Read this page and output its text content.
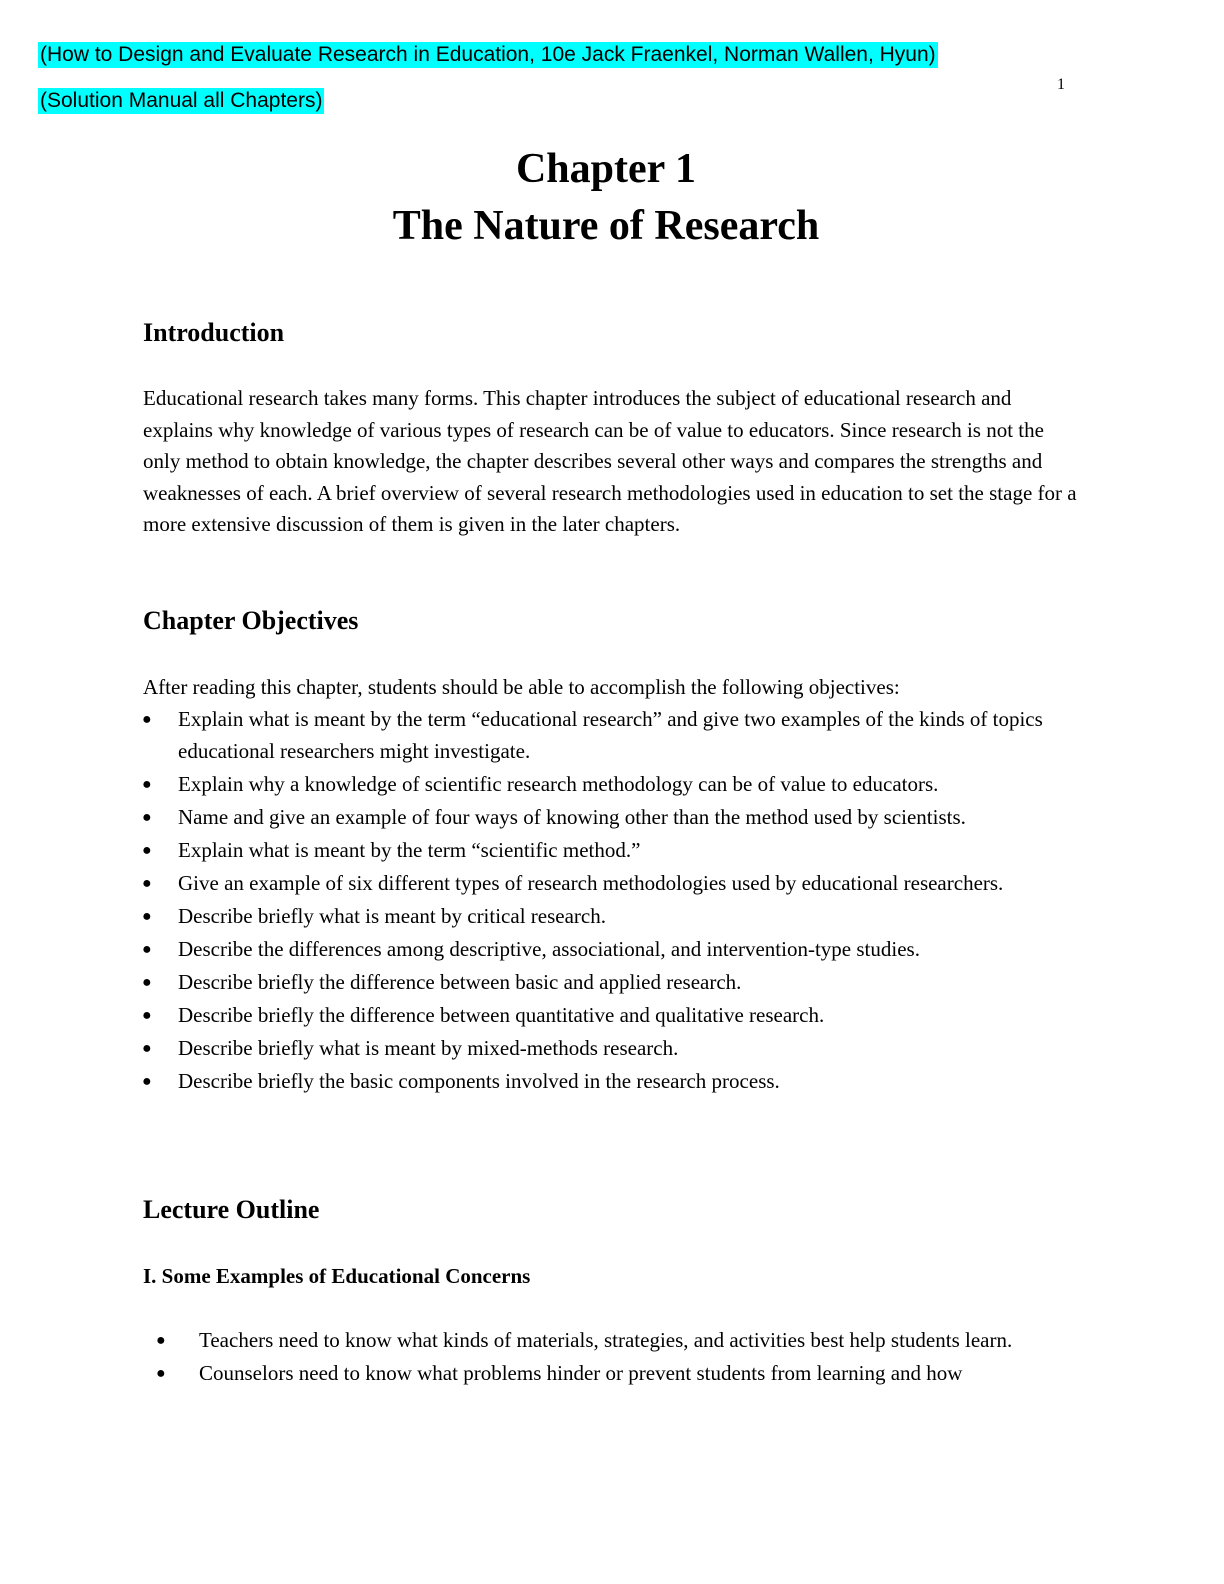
(How to Design and Evaluate Research in Education, 10e Jack Fraenkel, Norman Wallen, Hyun)
(Solution Manual all Chapters)
1
Chapter 1
The Nature of Research
Introduction

Educational research takes many forms. This chapter introduces the subject of educational research and explains why knowledge of various types of research can be of value to educators. Since research is not the only method to obtain knowledge, the chapter describes several other ways and compares the strengths and weaknesses of each. A brief overview of several research methodologies used in education to set the stage for a more extensive discussion of them is given in the later chapters.

Chapter Objectives

After reading this chapter, students should be able to accomplish the following objectives:

● Explain what is meant by the term “educational research” and give two examples of the kinds of topics educational researchers might investigate.
● Explain why a knowledge of scientific research methodology can be of value to educators.
● Name and give an example of four ways of knowing other than the method used by scientists.
● Explain what is meant by the term “scientific method.”
● Give an example of six different types of research methodologies used by educational researchers.
● Describe briefly what is meant by critical research.
● Describe the differences among descriptive, associational, and intervention-type studies.
● Describe briefly the difference between basic and applied research.
● Describe briefly the difference between quantitative and qualitative research.
● Describe briefly what is meant by mixed-methods research.
● Describe briefly the basic components involved in the research process.
Lecture Outline
I. Some Examples of Educational Concerns
● Teachers need to know what kinds of materials, strategies, and activities best help students learn.
● Counselors need to know what problems hinder or prevent students from learning and how
